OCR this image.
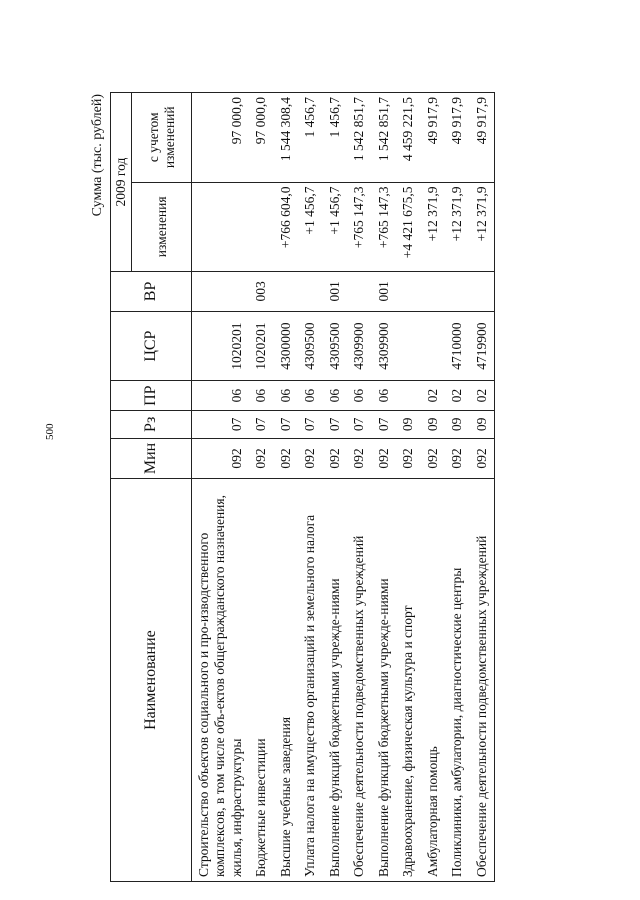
500
Сумма (тыс. рублей)
Наименование	Мин	Рз	ПР	ЦСР	ВР	2009 год	
						изменения	с учетом изменений
Строительство объектов социального и про-изводственного комплексов, в том числе объ-ектов общегражданского назначения, жилья, инфраструктуры	092	07	06	1020201			97 000,0
Бюджетные инвестиции	092	07	06	1020201	003		97 000,0
Высшие учебные заведения	092	07	06	4300000		+766 604,0	1 544 308,4
Уплата налога на имущество организаций и земельного налога	092	07	06	4309500		+1 456,7	1 456,7
Выполнение функций бюджетными учрежде-ниями	092	07	06	4309500	001	+1 456,7	1 456,7
Обеспечение деятельности подведомственных учреждений	092	07	06	4309900		+765 147,3	1 542 851,7
Выполнение функций бюджетными учрежде-ниями	092	07	06	4309900	001	+765 147,3	1 542 851,7
Здравоохранение, физическая культура и спорт	092	09				+4 421 675,5	4 459 221,5
Амбулаторная помощь	092	09	02			+12 371,9	49 917,9
Поликлиники, амбулатории, диагностические центры	092	09	02	4710000		+12 371,9	49 917,9
Обеспечение деятельности подведомственных учреждений	092	09	02	4719900		+12 371,9	49 917,9
